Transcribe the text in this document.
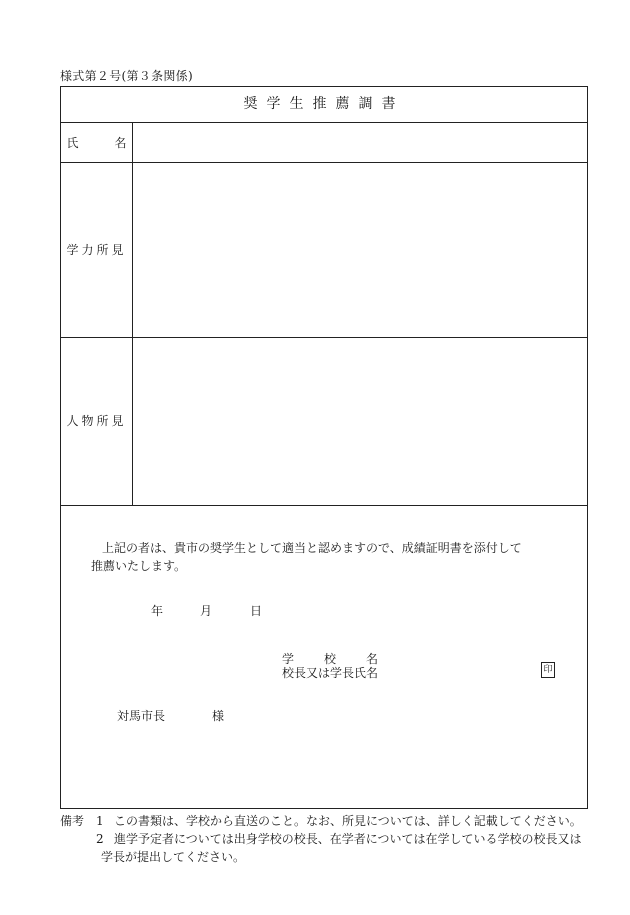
様式第２号(第３条関係)
奨学生推薦調書
氏	名
学力所見
人物所見
上記の者は、貴市の奨学生として適当と認めますので、成績証明書を添付して
推薦いたします。
年	月	日
学　　校　　名
校長又は学長氏名	印
対馬市長	様
備考 1 この書類は、学校から直送のこと。なお、所見については、詳しく記載してください。
2 進学予定者については出身学校の校長、在学者については在学している学校の校長又は
学長が提出してください。
